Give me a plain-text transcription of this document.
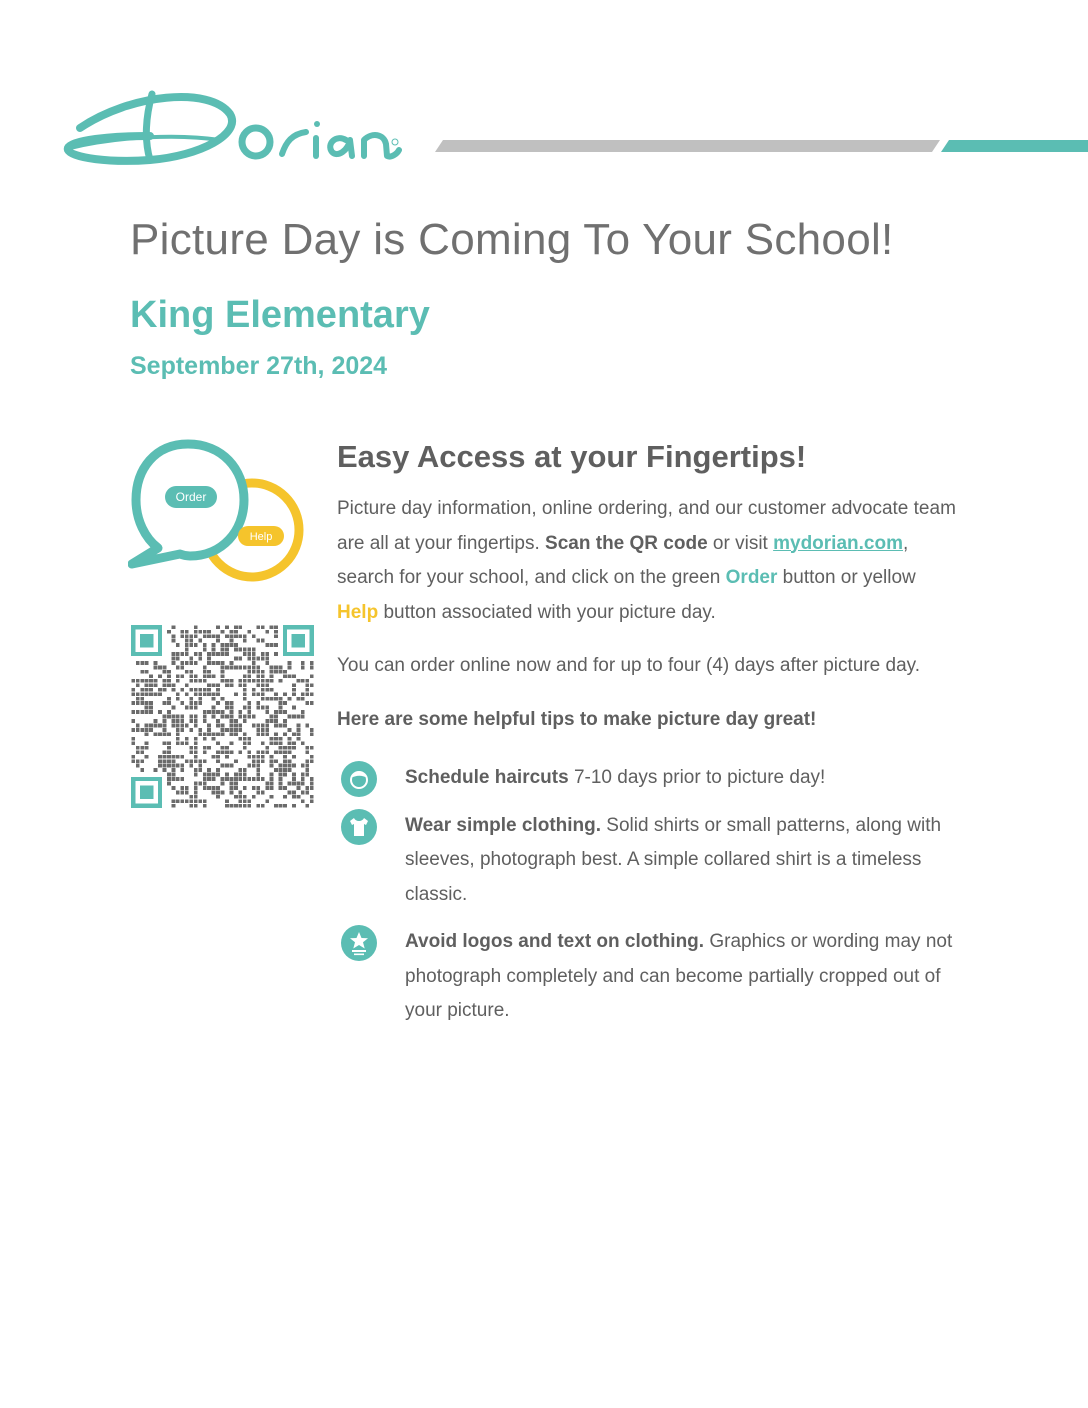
Picture Day is Coming To Your School!
King Elementary
September 27th, 2024
Order
Help
Easy Access at your Fingertips!

Picture day information, online ordering, and our customer advocate team are all at your fingertips. Scan the QR code or visit mydorian.com, search for your school, and click on the green Order button or yellow Help button associated with your picture day.

You can order online now and for up to four (4) days after picture day.

Here are some helpful tips to make picture day great!

Schedule haircuts 7-10 days prior to picture day!
Wear simple clothing. Solid shirts or small patterns, along with sleeves, photograph best. A simple collared shirt is a timeless classic.
Avoid logos and text on clothing. Graphics or wording may not photograph completely and can become partially cropped out of your picture.
